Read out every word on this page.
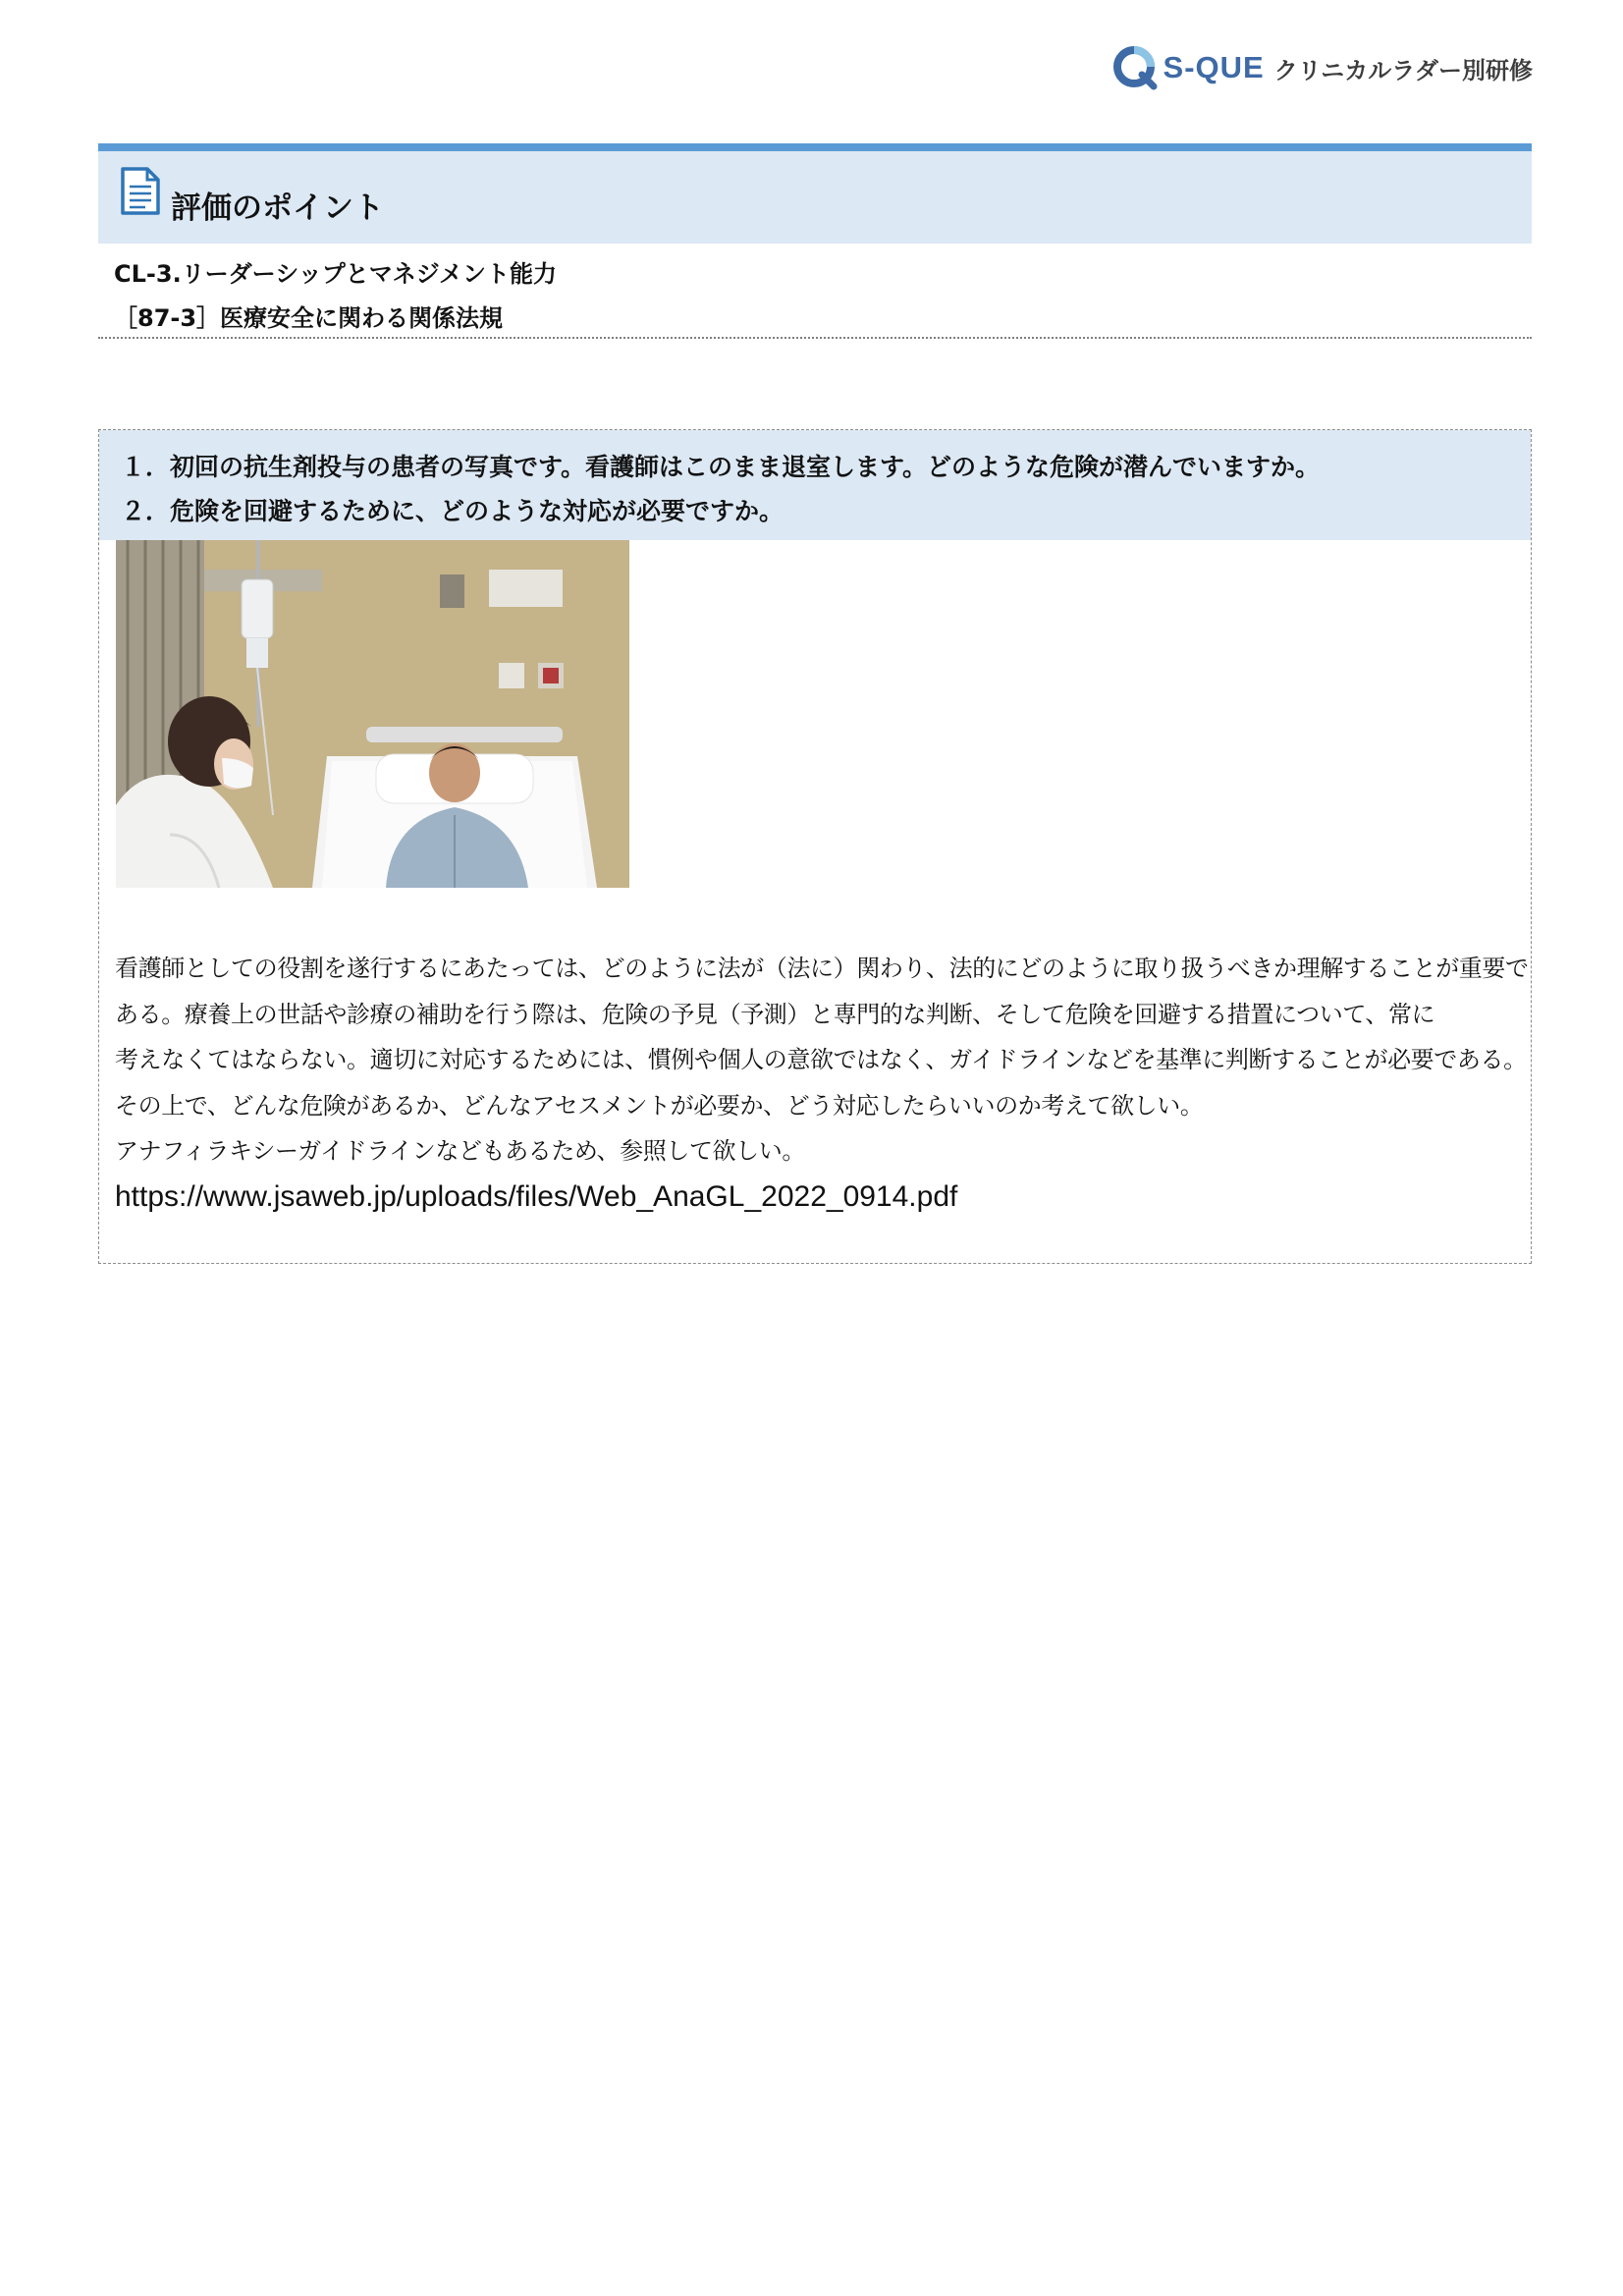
S-QUE クリニカルラダー別研修
評価のポイント
CL-3.リーダーシップとマネジメント能力
［87-3］医療安全に関わる関係法規
１．初回の抗生剤投与の患者の写真です。看護師はこのまま退室します。どのような危険が潜んでいますか。
２．危険を回避するために、どのような対応が必要ですか。

看護師としての役割を遂行するにあたっては、どのように法が（法に）関わり、法的にどのように取り扱うべきか理解することが重要で

ある。療養上の世話や診療の補助を行う際は、危険の予見（予測）と専門的な判断、そして危険を回避する措置について、常に

考えなくてはならない。適切に対応するためには、慣例や個人の意欲ではなく、ガイドラインなどを基準に判断することが必要である。

その上で、どんな危険があるか、どんなアセスメントが必要か、どう対応したらいいのか考えて欲しい。

アナフィラキシーガイドラインなどもあるため、参照して欲しい。

https://www.jsaweb.jp/uploads/files/Web_AnaGL_2022_0914.pdf
